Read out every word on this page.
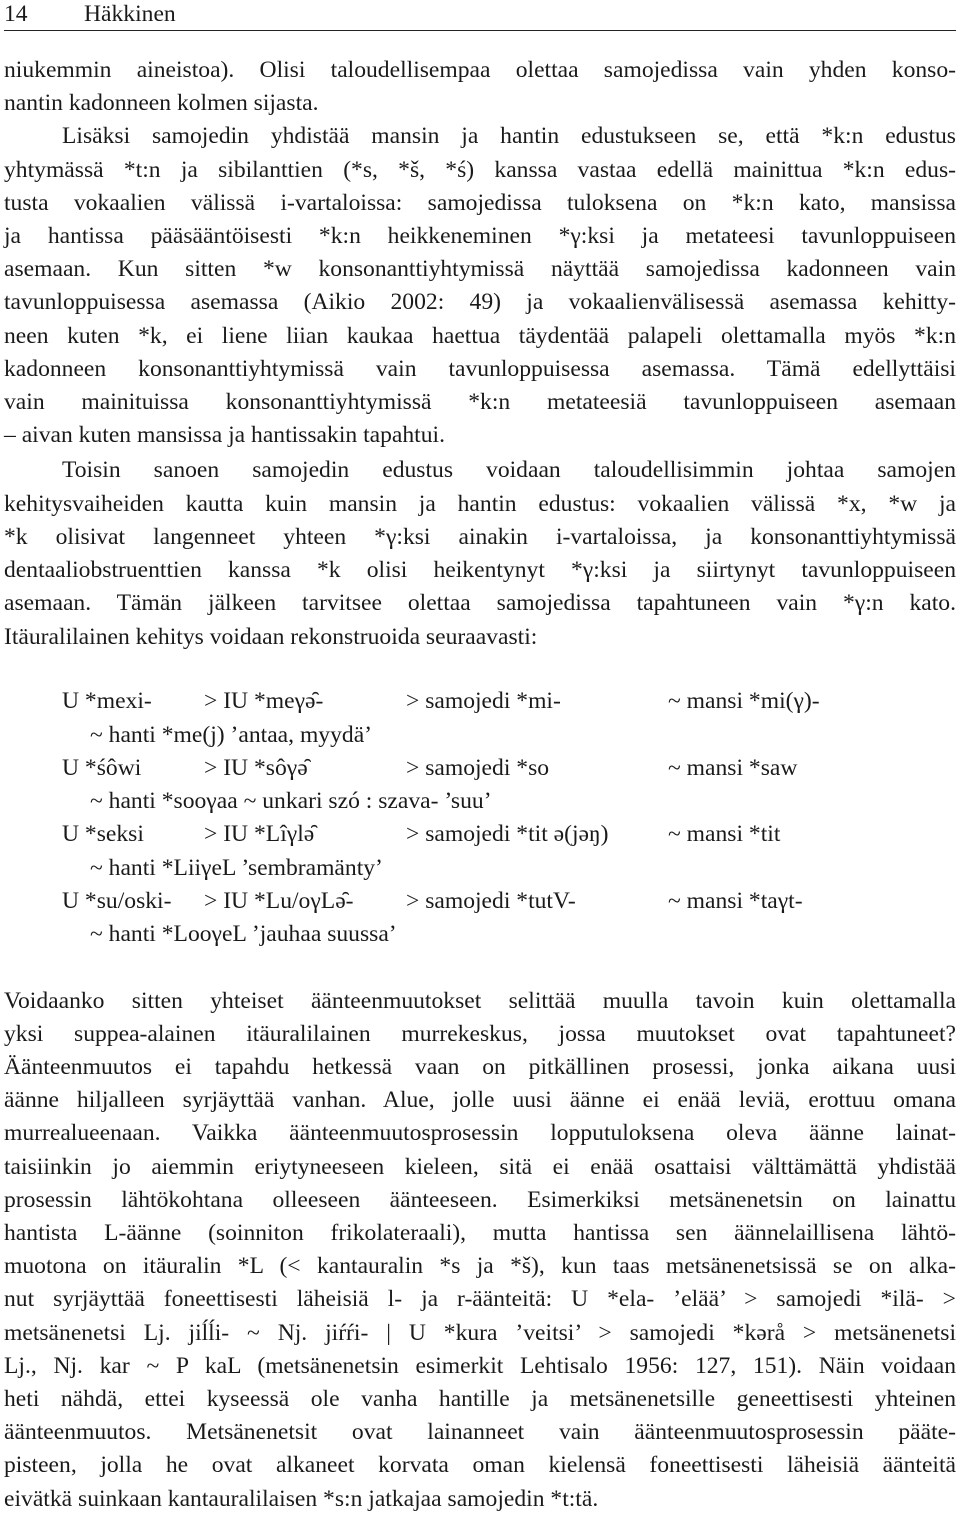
14 Häkkinen
niukemmin aineistoa). Olisi taloudellisempaa olettaa samojedissa vain yhden konso-
nantin kadonneen kolmen sijasta.
Lisäksi samojedin yhdistää mansin ja hantin edustukseen se, että *k:n edustus
yhtymässä *t:n ja sibilanttien (*s, *š, *ś) kanssa vastaa edellä mainittua *k:n edus-
tusta vokaalien välissä i-vartaloissa: samojedissa tuloksena on *k:n kato, mansissa
ja hantissa pääsääntöisesti *k:n heikkeneminen *γ:ksi ja metateesi tavunloppuiseen
asemaan. Kun sitten *w konsonanttiyhtymissä näyttää samojedissa kadonneen vain
tavunloppuisessa asemassa (Aikio 2002: 49) ja vokaalienvälisessä asemassa kehitty-
neen kuten *k, ei liene liian kaukaa haettua täydentää palapeli olettamalla myös *k:n
kadonneen konsonanttiyhtymissä vain tavunloppuisessa asemassa. Tämä edellyttäisi
vain mainituissa konsonanttiyhtymissä *k:n metateesiä tavunloppuiseen asemaan
– aivan kuten mansissa ja hantissakin tapahtui.
Toisin sanoen samojedin edustus voidaan taloudellisimmin johtaa samojen
kehitysvaiheiden kautta kuin mansin ja hantin edustus: vokaalien välissä *x, *w ja
*k olisivat langenneet yhteen *γ:ksi ainakin i-vartaloissa, ja konsonanttiyhtymissä
dentaaliobstruenttien kanssa *k olisi heikentynyt *γ:ksi ja siirtynyt tavunloppuiseen
asemaan. Tämän jälkeen tarvitsee olettaa samojedissa tapahtuneen vain *γ:n kato.
Itäuralilainen kehitys voidaan rekonstruoida seuraavasti:
U *mexi- > IU *meγə̑-	> samojedi *mi-	~ mansi *mi(γ)-
~ hanti *me(j) ’antaa, myydä’
U *śôwi	> IU *sôγə̑	> samojedi *so	~ mansi *saw
~ hanti *sooγaa ~ unkari szó : szava- ’suu’
U *seksi	> IU *Lîγlə̑	> samojedi *tit ə(jəŋ)	~ mansi *tit
~ hanti *LiiγeL ’sembramänty’
U *su/oski- > IU *Lu/oγLə̑- > samojedi *tutV-	~ mansi *taγt-
~ hanti *LooγeL ’jauhaa suussa’
Voidaanko sitten yhteiset äänteenmuutokset selittää muulla tavoin kuin olettamalla
yksi suppea-alainen itäuralilainen murrekeskus, jossa muutokset ovat tapahtuneet?
Äänteenmuutos ei tapahdu hetkessä vaan on pitkällinen prosessi, jonka aikana uusi
äänne hiljalleen syrjäyttää vanhan. Alue, jolle uusi äänne ei enää leviä, erottuu omana
murrealueenaan. Vaikka äänteenmuutosprosessin lopputuloksena oleva äänne lainat-
taisiinkin jo aiemmin eriytyneeseen kieleen, sitä ei enää osattaisi välttämättä yhdistää
prosessin lähtökohtana olleeseen äänteeseen. Esimerkiksi metsänenetsin on lainattu
hantista L-äänne (soinniton frikolateraali), mutta hantissa sen äännelaillisena lähtö-
muotona on itäuralin *L (< kantauralin *s ja *š), kun taas metsänenetsissä se on alka-
nut syrjäyttää foneettisesti läheisiä l- ja r-äänteitä: U *ela- ’elää’ > samojedi *ilä- >
metsänenetsi Lj. jiĺĺi- ~ Nj. jiŕŕi- | U *kura ’veitsi’ > samojedi *kərå > metsänenetsi
Lj., Nj. kar ~ P kaL (metsänenetsin esimerkit Lehtisalo 1956: 127, 151). Näin voidaan
heti nähdä, ettei kyseessä ole vanha hantille ja metsänenetsille geneettisesti yhteinen
äänteenmuutos. Metsänenetsit ovat lainanneet vain äänteenmuutosprosessin pääte-
pisteen, jolla he ovat alkaneet korvata oman kielensä foneettisesti läheisiä äänteitä
eivätkä suinkaan kantauralilaisen *s:n jatkajaa samojedin *t:tä.
